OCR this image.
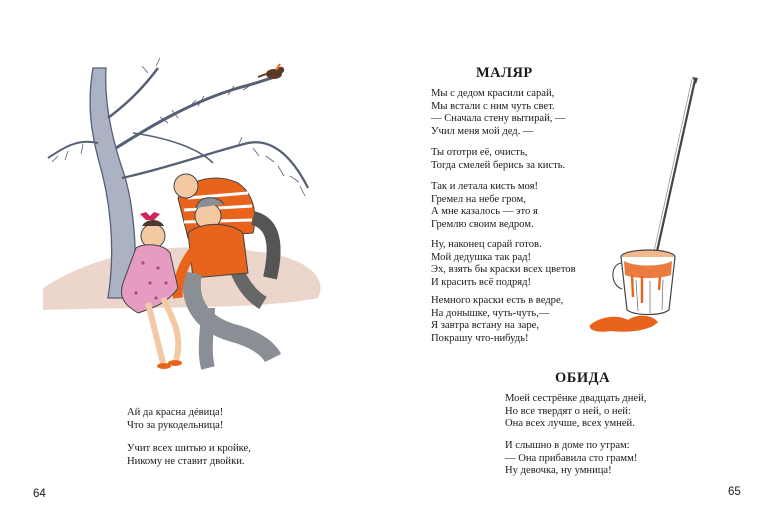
Ай да красна дéвица!
Что за рукодельница!
Учит всех шитью и кройке,
Никому не ставит двойки.
64
МАЛЯР
Мы с дедом красили сарай,
Мы встали с ним чуть свет.
— Сначала стену вытирай, —
Учил меня мой дед. —
Ты ототри её, очисть,
Тогда смелей берись за кисть.
Так и летала кисть моя!
Гремел на небе гром,
А мне казалось — это я
Гремлю своим ведром.
Ну, наконец сарай готов.
Мой дедушка так рад!
Эх, взять бы краски всех цветов
И красить всё подряд!
Немного краски есть в ведре,
На донышке, чуть-чуть,—
Я завтра встану на заре,
Покрашу что-нибудь!
ОБИДА
Моей сестрёнке двадцать дней,
Но все твердят о ней, о ней:
Она всех лучше, всех умней.
И слышно в доме по утрам:
— Она прибавила сто грамм!
Ну девочка, ну умница!
65
